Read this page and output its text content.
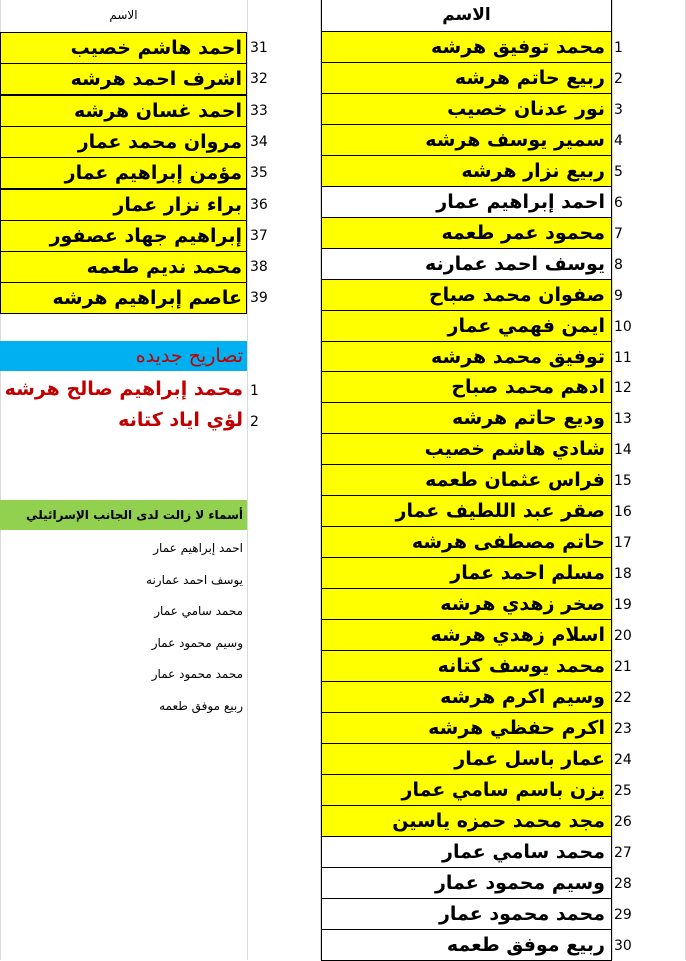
الاسم	الاسم
احمد هاشم خصيب 31
اشرف احمد هرشه 32
احمد غسان هرشه 33
مروان محمد عمار 34
مؤمن إبراهيم عمار 35
براء نزار عمار 36
إبراهيم جهاد عصفور 37
محمد نديم طعمه 38
عاصم إبراهيم هرشه 39
محمد توفيق هرشه 1
ربيع حاتم هرشه 2
نور عدنان خصيب 3
سمير يوسف هرشه 4
ربيع نزار هرشه 5
احمد إبراهيم عمار 6
محمود عمر طعمه 7
يوسف احمد عمارنه 8
صفوان محمد صباح 9
ايمن فهمي عمار 10
توفيق محمد هرشه 11
ادهم محمد صباح 12
وديع حاتم هرشه 13
شادي هاشم خصيب 14
فراس عثمان طعمه 15
صقر عبد اللطيف عمار 16
حاتم مصطفى هرشه 17
مسلم احمد عمار 18
صخر زهدي هرشه 19
اسلام زهدي هرشه 20
محمد يوسف كتانه 21
وسيم اكرم هرشه 22
اكرم حفظي هرشه 23
عمار باسل عمار 24
يزن باسم سامي عمار 25
مجد محمد حمزه ياسين 26
محمد سامي عمار 27
وسيم محمود عمار 28
محمد محمود عمار 29
ربيع موفق طعمه 30
تصاريح جديده
محمد إبراهيم صالح هرشه 1
لؤي اياد كتانه 2
أسماء لا زالت لدى الجانب الإسرائيلي
احمد إبراهيم عمار
يوسف احمد عمارنه
محمد سامي عمار
وسيم محمود عمار
محمد محمود عمار
ربيع موفق طعمه
